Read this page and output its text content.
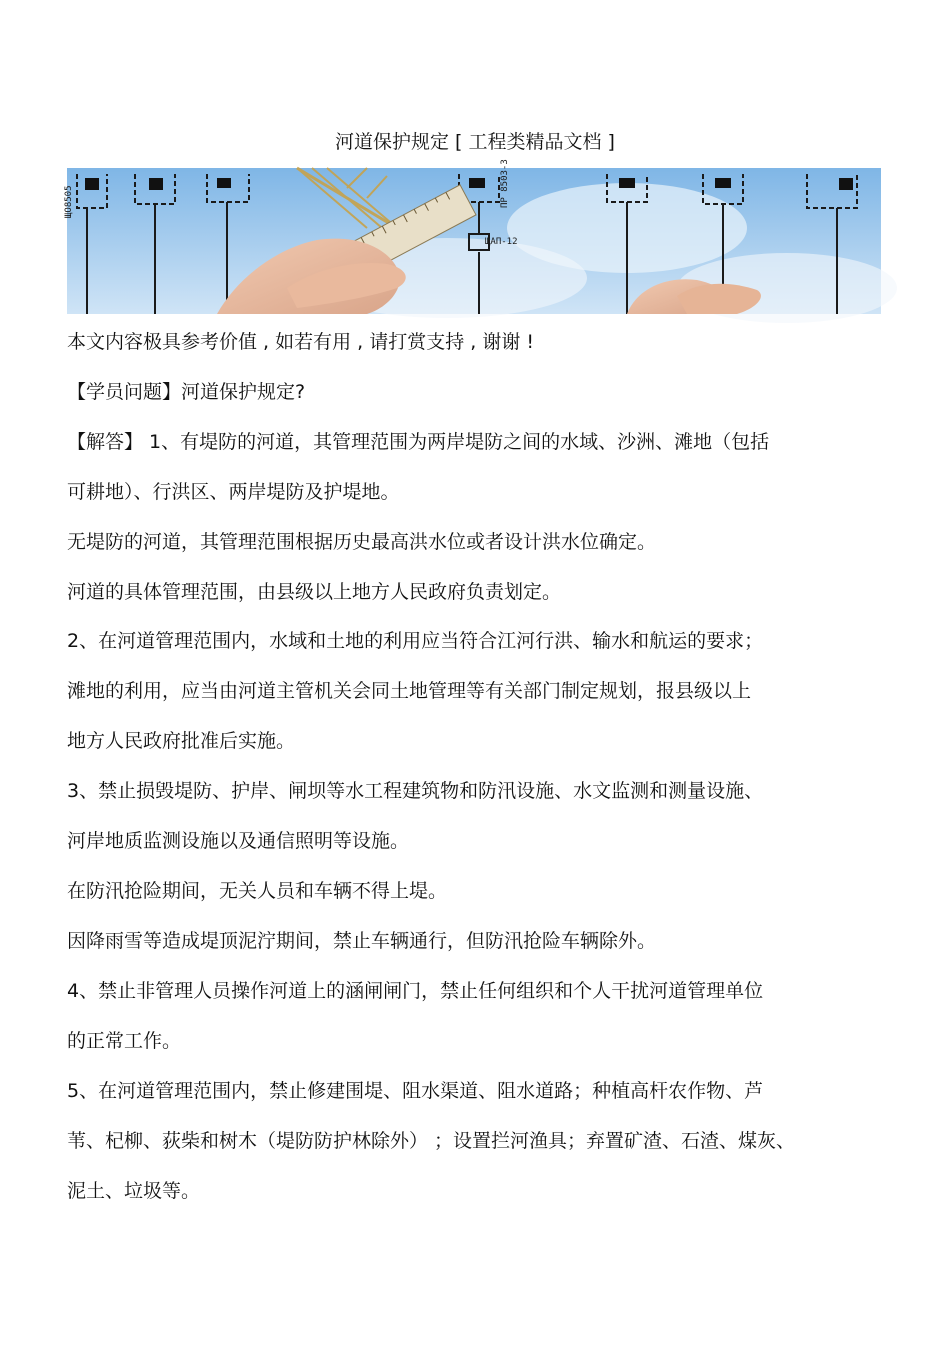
河道保护规定 [ 工程类精品文档 ]
ЩАП-12
ПР 8503-3
ЩО8505
本文内容极具参考价值 , 如若有用 , 请打赏支持 , 谢谢 !
【学员问题】河道保护规定?
【解答】 1、有堤防的河道，其管理范围为两岸堤防之间的水域、沙洲、滩地（包括
可耕地）、行洪区、两岸堤防及护堤地。
无堤防的河道，其管理范围根据历史最高洪水位或者设计洪水位确定。
河道的具体管理范围，由县级以上地方人民政府负责划定。
2、在河道管理范围内，水域和土地的利用应当符合江河行洪、输水和航运的要求；
滩地的利用，应当由河道主管机关会同土地管理等有关部门制定规划，报县级以上
地方人民政府批准后实施。
3、禁止损毁堤防、护岸、闸坝等水工程建筑物和防汛设施、水文监测和测量设施、
河岸地质监测设施以及通信照明等设施。
在防汛抢险期间，无关人员和车辆不得上堤。
因降雨雪等造成堤顶泥泞期间，禁止车辆通行，但防汛抢险车辆除外。
4、禁止非管理人员操作河道上的涵闸闸门，禁止任何组织和个人干扰河道管理单位
的正常工作。
5、在河道管理范围内，禁止修建围堤、阻水渠道、阻水道路；种植高杆农作物、芦
苇、杞柳、荻柴和树木（堤防防护林除外） ；设置拦河渔具；弃置矿渣、石渣、煤灰、
泥土、垃圾等。
